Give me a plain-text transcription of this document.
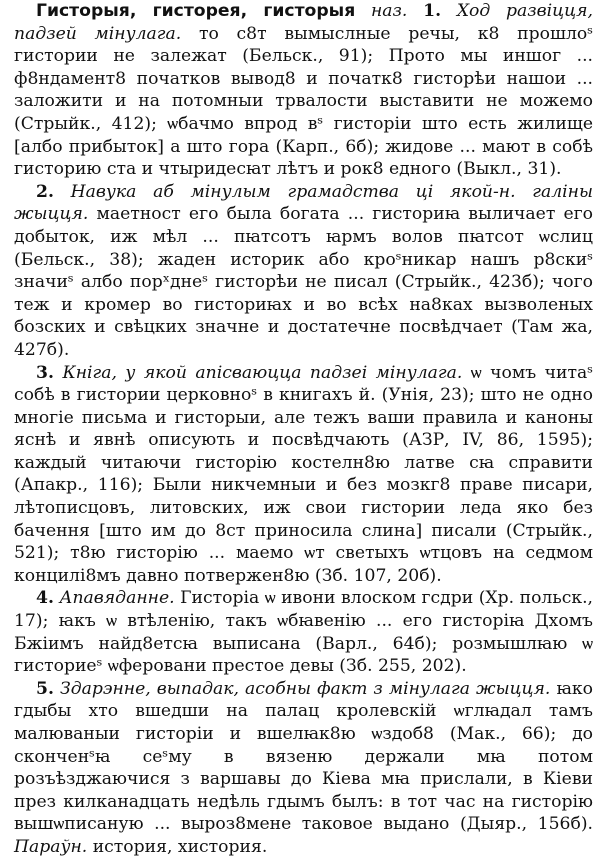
Гисторыя, гисторея, гисторыя наз. 1. Ход развіцця, падзей мінулага. то с8т вымыслные речы, к8 прошлоˢ гистории не залежат (Бельск., 91); Прото мы иншог ... ф8ндамент8 початков вывод8 и початк8 гисторѣи нашои ... заложити и на потомныи трвалости выставити не можемо (Стрыйк., 412); ѡбачмо впрод вˢ гисторiи што есть жилище [албо прибыток] а што гора (Карп., 6б); жидове ... мают в собѣ гисторию ста и чтыридесꙗт лѣтъ и рок8 едного (Выкл., 31).

2. Навука аб мінулым грамадства ці якой-н. галіны жыцця. маетност его была богата ... гисториꙗ выличает его добыток, иж мѣл ... пꙗтсотъ ꙗрмъ волов пꙗтсот ѡслиц (Бельск., 38); жаден историк або кроˢникар нашъ р8скиˢ значиˢ албо порˣднеˢ гисторѣи не писал (Стрыйк., 423б); чого теж и кромер во гисториꙗх и во всѣх на8ках вызволеных бозских и свѣцких значне и достатечне посвѣдчает (Там жа, 427б).

3. Кніга, у якой апісваюцца падзеі мінулага. ѡ чомъ читаˢ собѣ в гистории церковноˢ в книгахъ й. (Унія, 23); што не одно многiе письма и гисторыи, але тежъ ваши правила и каноны яснѣ и явнѣ описують и посвѣдчають (АЗР, IV, 86, 1595); каждый читаючи гисторiю костелн8ю латве сꙗ справити (Апакр., 116); Были никчемныи и без мозкг8 праве писари, лѣтописцовъ, литовских, иж свои гистории леда яко без бачення [што им до 8ст приносила слина] писали (Стрыйк., 521); т8ю гисторiю ... маемо ѡт светыхъ ѡтцовъ на седмом концилi8мъ давно потвержен8ю (Зб. 107, 20б).

4. Апавяданне. Гисторiа ѡ ивони влоском гсдри (Хр. польск., 17); ꙗкъ ѡ втѣленiю, такъ ѡбꙗвенiю ... его гисторiꙗ Дхомъ Бжiимъ найд8етсꙗ выписана (Варл., 64б); розмышлꙗю ѡ гисториеˢ ѡферовани престое девы (Зб. 255, 202).

5. Здарэнне, выпадак, асобны факт з мінулага жыцця. ꙗко гдыбы хто вшедши на палац кролевскiй ѡглꙗдал тамъ малюваныи гисторiи и вшелꙗк8ю ѡздоб8 (Мак., 66); до сконченˢꙗ сеˢму в вязеню держали мꙗ потом розъѣзджаючися з варшавы до Кiева мꙗ прислали, в Кiеви през килканадцать недѣль гдымъ былъ: в тот час на гисторiю вышѡписаную ... выроз8мене таковое выдано (Дыяр., 156б). Параўн. история, хистория.
